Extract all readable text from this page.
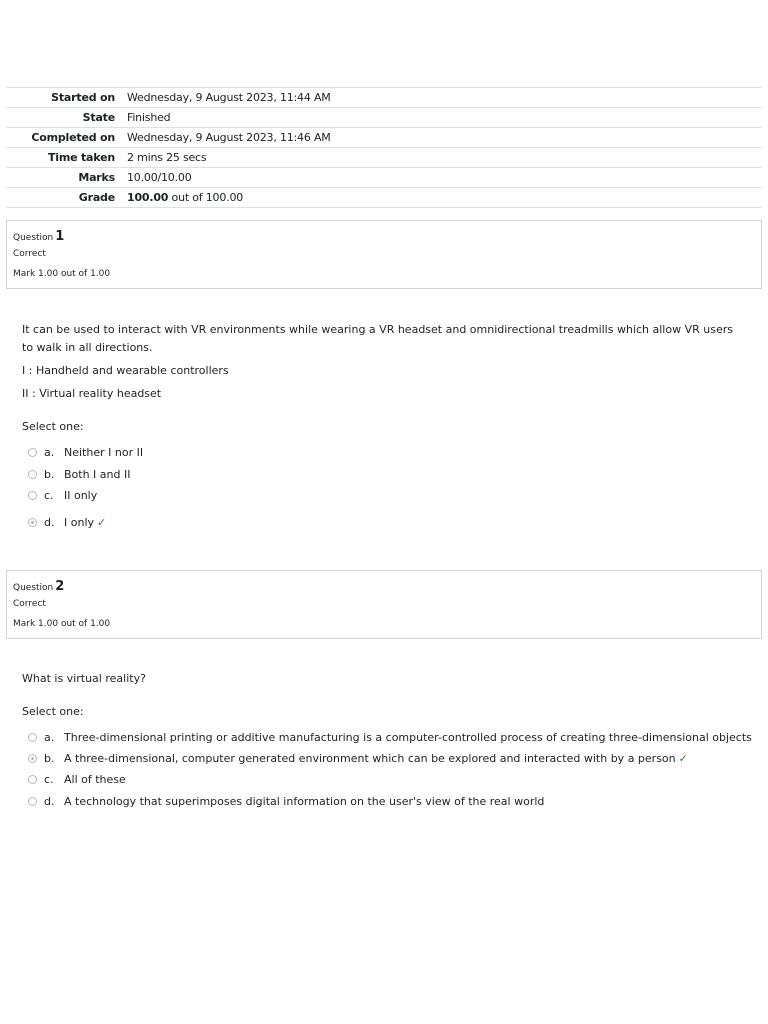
Started on	Wednesday, 9 August 2023, 11:44 AM
State	Finished
Completed on	Wednesday, 9 August 2023, 11:46 AM
Time taken	2 mins 25 secs
Marks	10.00/10.00
Grade	100.00 out of 100.00
Question 1
Correct
Mark 1.00 out of 1.00

It can be used to interact with VR environments while wearing a VR headset and omnidirectional treadmills which allow VR users to walk in all directions.

I : Handheld and wearable controllers

II : Virtual reality headset

Select one:
a. Neither I nor II
b. Both I and II
c. II only
d. I only ✓
Question 2
Correct
Mark 1.00 out of 1.00

What is virtual reality?

Select one:
a. Three-dimensional printing or additive manufacturing is a computer-controlled process of creating three-dimensional objects
b. A three-dimensional, computer generated environment which can be explored and interacted with by a person ✓
c. All of these
d. A technology that superimposes digital information on the user's view of the real world
